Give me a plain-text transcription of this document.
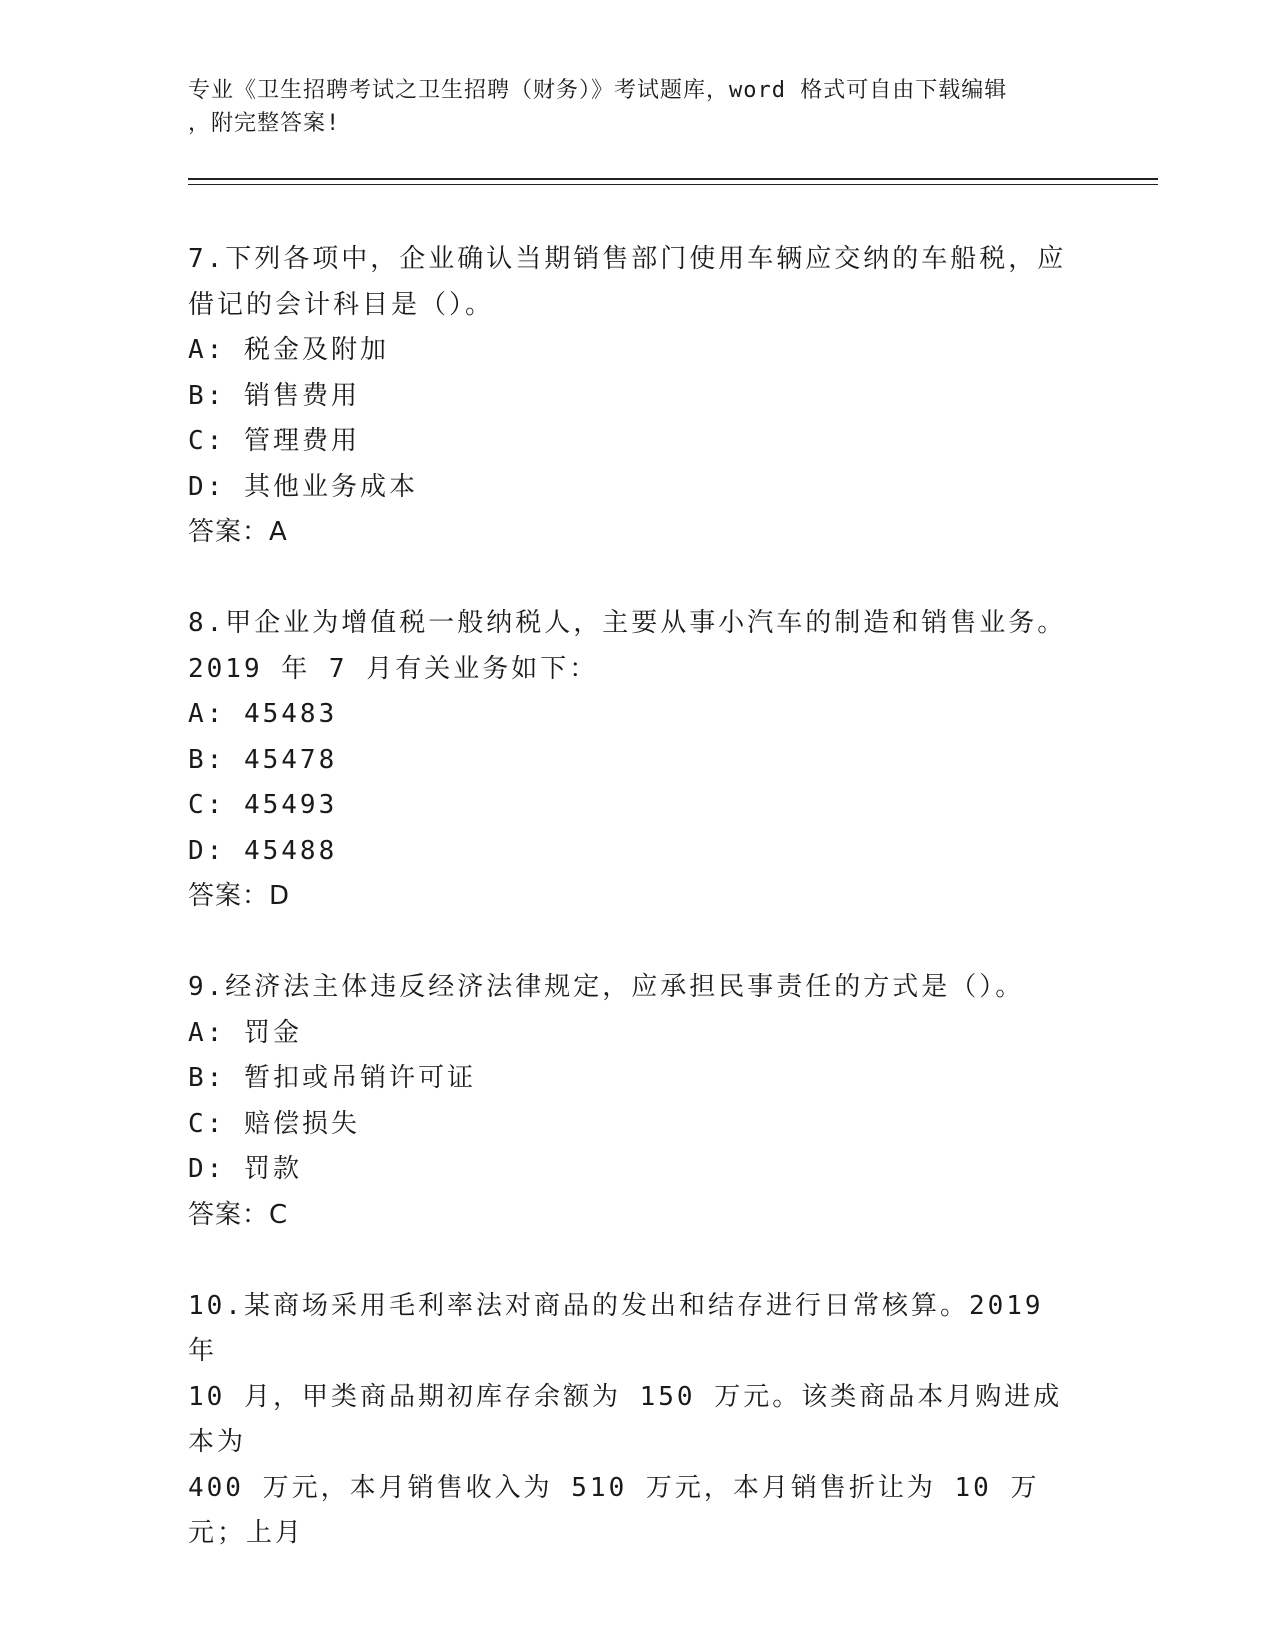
专业《卫生招聘考试之卫生招聘（财务）》考试题库，word 格式可自由下载编辑
，附完整答案!
7.下列各项中，企业确认当期销售部门使用车辆应交纳的车船税，应
借记的会计科目是（）。
A: 税金及附加
B: 销售费用
C: 管理费用
D: 其他业务成本
答案：A
8.甲企业为增值税一般纳税人，主要从事小汽车的制造和销售业务。
2019 年 7 月有关业务如下：
A: 45483
B: 45478
C: 45493
D: 45488
答案：D
9.经济法主体违反经济法律规定，应承担民事责任的方式是（）。
A: 罚金
B: 暂扣或吊销许可证
C: 赔偿损失
D: 罚款
答案：C
10.某商场采用毛利率法对商品的发出和结存进行日常核算。2019 年
10 月，甲类商品期初库存余额为 150 万元。该类商品本月购进成本为
400 万元，本月销售收入为 510 万元，本月销售折让为 10 万元；上月
